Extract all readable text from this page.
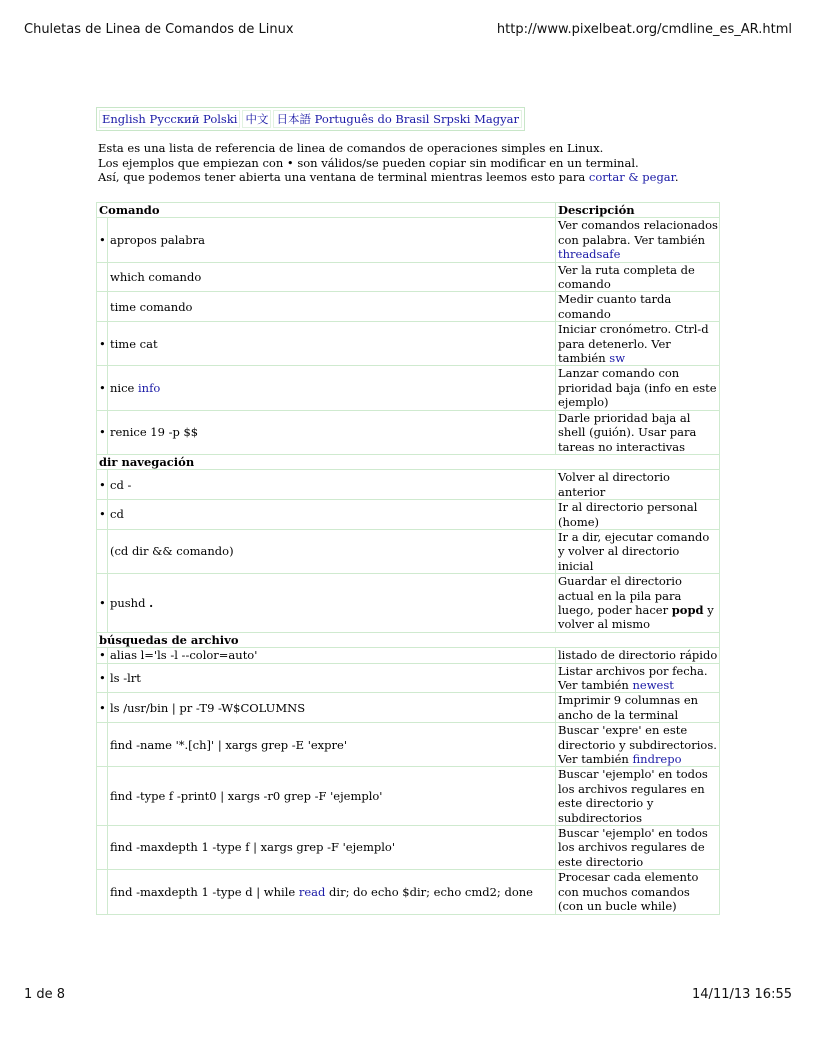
Chuletas de Linea de Comandos de Linux	http://www.pixelbeat.org/cmdline_es_AR.html
English Русский Polski	中文	日本語 Português do Brasil Srpski Magyar
Esta es una lista de referencia de linea de comandos de operaciones simples en Linux.
Los ejemplos que empiezan con • son válidos/se pueden copiar sin modificar en un terminal.
Así, que podemos tener abierta una ventana de terminal mientras leemos esto para cortar & pegar.
Comando		Descripción
•	apropos palabra	Ver comandos relacionados con palabra. Ver también threadsafe
	which comando	Ver la ruta completa de comando
	time comando	Medir cuanto tarda comando
•	time cat	Iniciar cronómetro. Ctrl-d para detenerlo. Ver también sw
•	nice info	Lanzar comando con prioridad baja (info en este ejemplo)
•	renice 19 -p $$	Darle prioridad baja al shell (guión). Usar para tareas no interactivas
dir navegación		
•	cd -	Volver al directorio anterior
•	cd	Ir al directorio personal (home)
	(cd dir && comando)	Ir a dir, ejecutar comando y volver al directorio inicial
•	pushd .	Guardar el directorio actual en la pila para luego, poder hacer popd y volver al mismo
búsquedas de archivo		
•	alias l='ls -l --color=auto'	listado de directorio rápido
•	ls -lrt	Listar archivos por fecha. Ver también newest
•	ls /usr/bin | pr -T9 -W$COLUMNS	Imprimir 9 columnas en ancho de la terminal
	find -name '*.[ch]' | xargs grep -E 'expre'	Buscar 'expre' en este directorio y subdirectorios. Ver también findrepo
	find -type f -print0 | xargs -r0 grep -F 'ejemplo'	Buscar 'ejemplo' en todos los archivos regulares en este directorio y subdirectorios
	find -maxdepth 1 -type f | xargs grep -F 'ejemplo'	Buscar 'ejemplo' en todos los archivos regulares de este directorio
	find -maxdepth 1 -type d | while read dir; do echo $dir; echo cmd2; done	Procesar cada elemento con muchos comandos (con un bucle while)
1 de 8	14/11/13 16:55
